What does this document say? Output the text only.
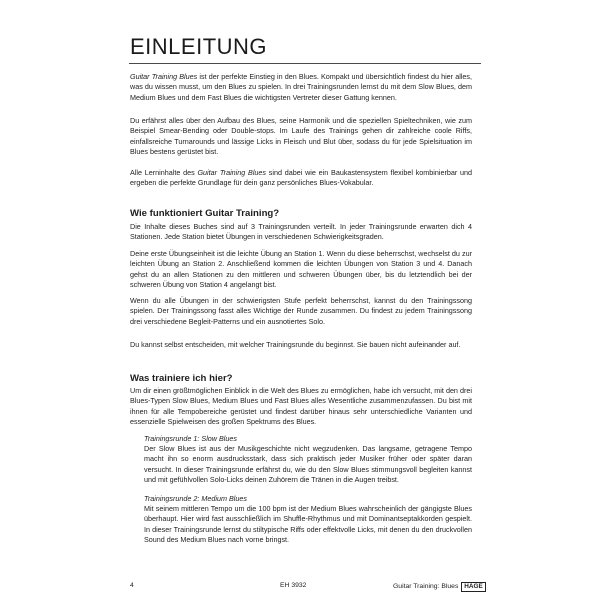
EINLEITUNG

Guitar Training Blues ist der perfekte Einstieg in den Blues. Kompakt und übersichtlich findest du hier alles, was du wissen musst, um den Blues zu spielen. In drei Trainingsrunden lernst du mit dem Slow Blues, dem Medium Blues und dem Fast Blues die wichtigsten Vertreter dieser Gattung kennen.

Du erfährst alles über den Aufbau des Blues, seine Harmonik und die speziellen Spieltechniken, wie zum Beispiel Smear-Bending oder Double-stops. Im Laufe des Trainings gehen dir zahlreiche coole Riffs, einfallsreiche Turnarounds und lässige Licks in Fleisch und Blut über, sodass du für jede Spielsituation im Blues bestens gerüstet bist.

Alle Lerninhalte des Guitar Training Blues sind dabei wie ein Baukastensystem flexibel kombinierbar und ergeben die perfekte Grundlage für dein ganz persönliches Blues-Vokabular.

Wie funktioniert Guitar Training?

Die Inhalte dieses Buches sind auf 3 Trainingsrunden verteilt. In jeder Trainingsrunde erwarten dich 4 Stationen. Jede Station bietet Übungen in verschiedenen Schwierigkeitsgraden.

Deine erste Übungseinheit ist die leichte Übung an Station 1. Wenn du diese beherrschst, wechselst du zur leichten Übung an Station 2. Anschließend kommen die leichten Übungen von Station 3 und 4. Danach gehst du an allen Stationen zu den mittleren und schweren Übungen über, bis du letztendlich bei der schweren Übung von Station 4 angelangt bist.

Wenn du alle Übungen in der schwierigsten Stufe perfekt beherrschst, kannst du den Trainingssong spielen. Der Trainingssong fasst alles Wichtige der Runde zusammen. Du findest zu jedem Trainingssong drei verschiedene Begleit-Patterns und ein ausnotiertes Solo.

Du kannst selbst entscheiden, mit welcher Trainingsrunde du beginnst. Sie bauen nicht aufeinander auf.

Was trainiere ich hier?

Um dir einen größtmöglichen Einblick in die Welt des Blues zu ermöglichen, habe ich versucht, mit den drei Blues-Typen Slow Blues, Medium Blues und Fast Blues alles Wesentliche zusammenzufassen. Du bist mit ihnen für alle Tempobereiche gerüstet und findest darüber hinaus sehr unterschiedliche Varianten und essenzielle Spielweisen des großen Spektrums des Blues.

Trainingsrunde 1: Slow Blues

Der Slow Blues ist aus der Musikgeschichte nicht wegzudenken. Das langsame, getragene Tempo macht ihn so enorm ausdrucksstark, dass sich praktisch jeder Musiker früher oder später daran versucht. In dieser Trainingsrunde erfährst du, wie du den Slow Blues stimmungsvoll begleiten kannst und mit gefühlvollen Solo-Licks deinen Zuhörern die Tränen in die Augen treibst.

Trainingsrunde 2: Medium Blues

Mit seinem mittleren Tempo um die 100 bpm ist der Medium Blues wahrscheinlich der gängigste Blues überhaupt. Hier wird fast ausschließlich im Shuffle-Rhythmus und mit Dominantseptakkorden gespielt. In dieser Trainingsrunde lernst du stiltypische Riffs oder effektvolle Licks, mit denen du den druckvollen Sound des Medium Blues nach vorne bringst.

4	EH 3932	Guitar Training: Blues HAGE
